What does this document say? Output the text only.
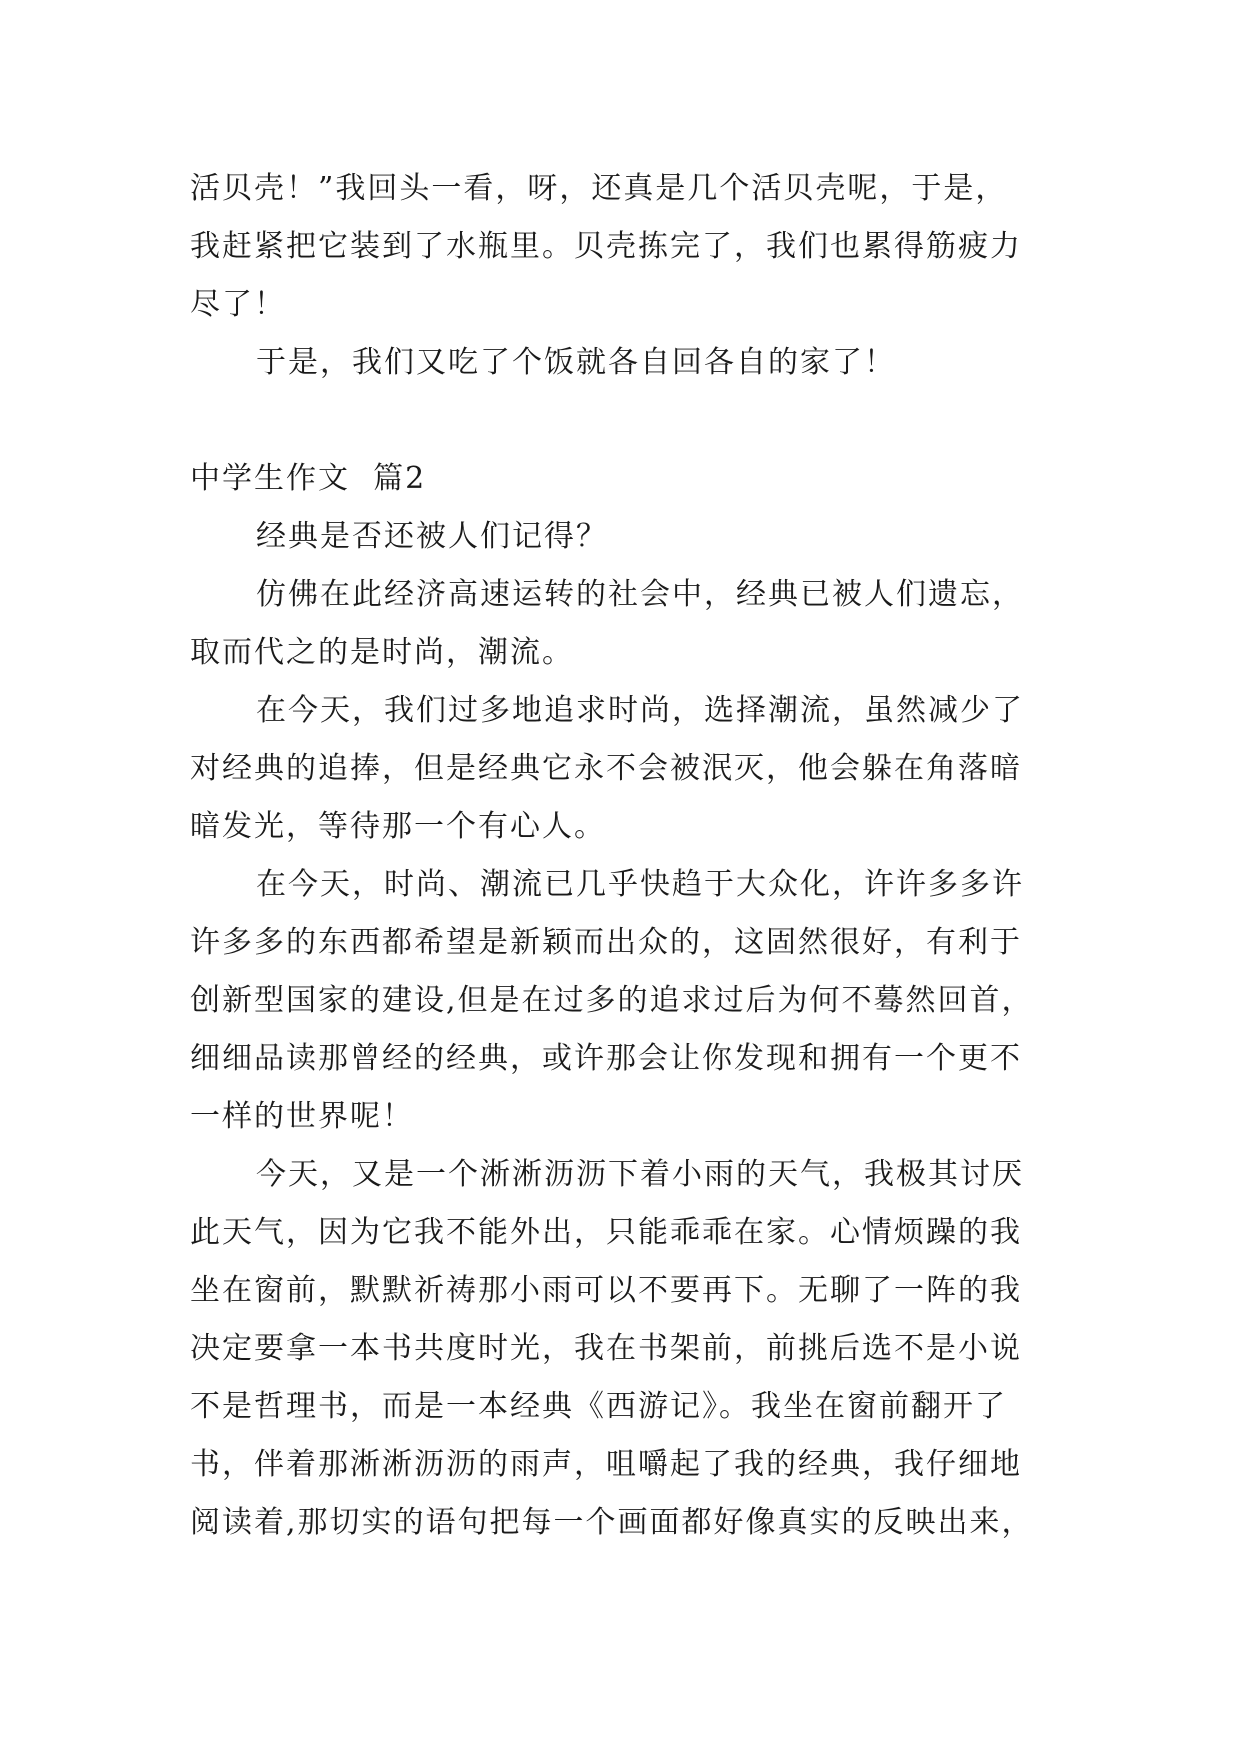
活贝壳！”我回头一看，呀，还真是几个活贝壳呢，于是，
我赶紧把它装到了水瓶里。贝壳拣完了，我们也累得筋疲力
尽了！
于是，我们又吃了个饭就各自回各自的家了！
中学生作文  篇2
经典是否还被人们记得？
仿佛在此经济高速运转的社会中，经典已被人们遗忘，
取而代之的是时尚，潮流。
在今天，我们过多地追求时尚，选择潮流，虽然减少了
对经典的追捧，但是经典它永不会被泯灭，他会躲在角落暗
暗发光，等待那一个有心人。
在今天，时尚、潮流已几乎快趋于大众化，许许多多许
许多多的东西都希望是新颖而出众的，这固然很好，有利于
创新型国家的建设,但是在过多的追求过后为何不蓦然回首，
细细品读那曾经的经典，或许那会让你发现和拥有一个更不
一样的世界呢！
今天，又是一个淅淅沥沥下着小雨的天气，我极其讨厌
此天气，因为它我不能外出，只能乖乖在家。心情烦躁的我
坐在窗前，默默祈祷那小雨可以不要再下。无聊了一阵的我
决定要拿一本书共度时光，我在书架前，前挑后选不是小说
不是哲理书，而是一本经典《西游记》。我坐在窗前翻开了
书，伴着那淅淅沥沥的雨声，咀嚼起了我的经典，我仔细地
阅读着,那切实的语句把每一个画面都好像真实的反映出来，
